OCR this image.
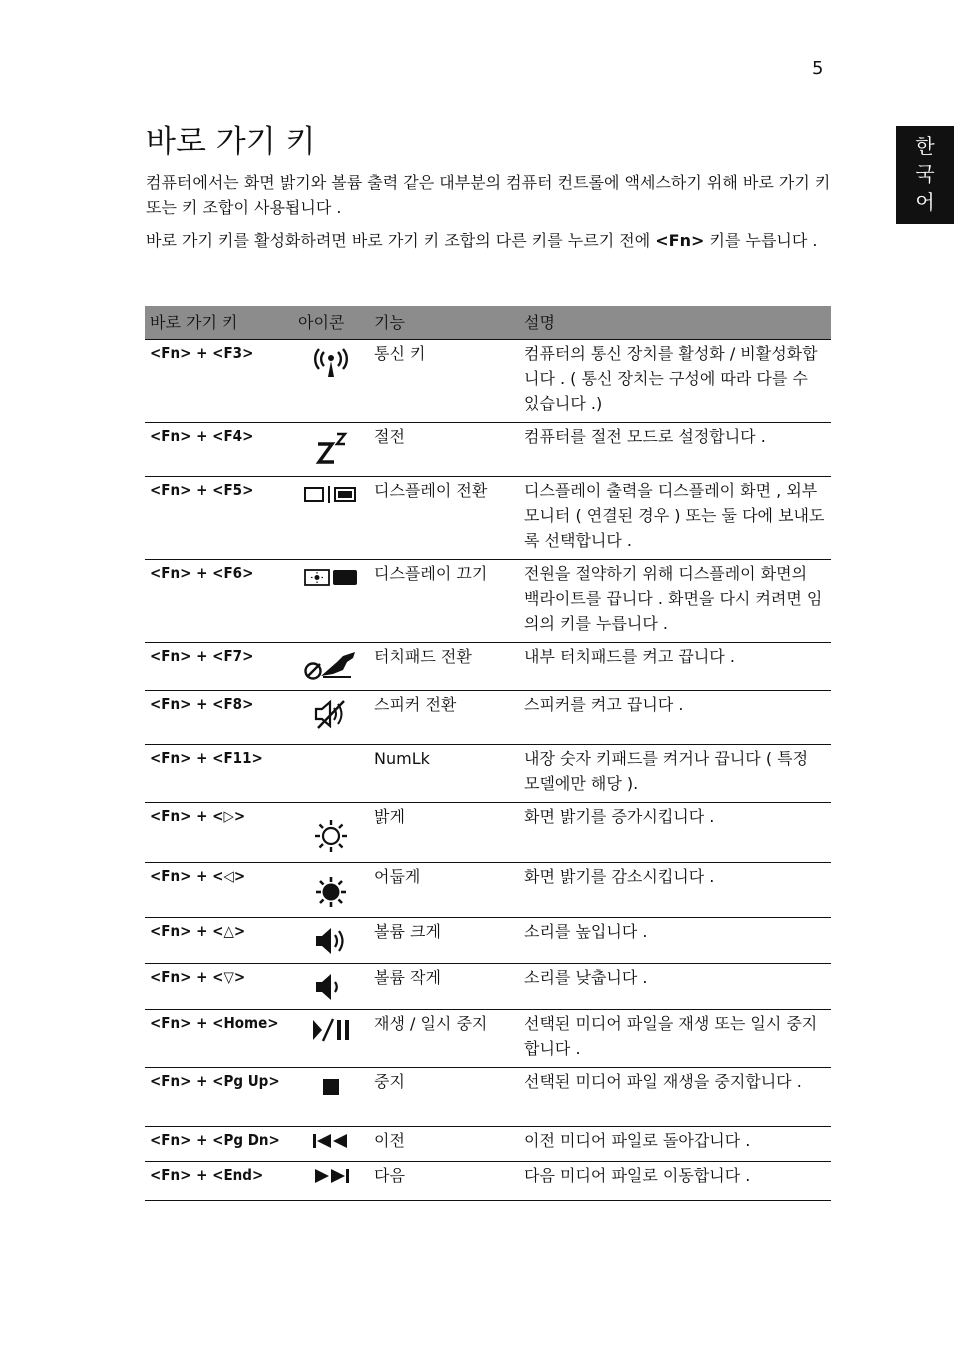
5
한
국
어
바로 가기 키

컴퓨터에서는 화면 밝기와 볼륨 출력 같은 대부분의 컴퓨터 컨트롤에 액세스하기 위해 바로 가기 키 또는 키 조합이 사용됩니다 .

바로 가기 키를 활성화하려면 바로 가기 키 조합의 다른 키를 누르기 전에 <Fn> 키를 누릅니다 .

바로 가기 키	아이콘	기능	설명
<Fn> + <F3>		통신 키	컴퓨터의 통신 장치를 활성화 / 비활성화합니다 . ( 통신 장치는 구성에 따라 다를 수 있습니다 .)
<Fn> + <F4>		절전	컴퓨터를 절전 모드로 설정합니다 .
<Fn> + <F5>		디스플레이 전환	디스플레이 출력을 디스플레이 화면 , 외부 모니터 ( 연결된 경우 ) 또는 둘 다에 보내도록 선택합니다 .
<Fn> + <F6>		디스플레이 끄기	전원을 절약하기 위해 디스플레이 화면의 백라이트를 끕니다 . 화면을 다시 켜려면 임의의 키를 누릅니다 .
<Fn> + <F7>		터치패드 전환	내부 터치패드를 켜고 끕니다 .
<Fn> + <F8>		스피커 전환	스피커를 켜고 끕니다 .
<Fn> + <F11>		NumLk	내장 숫자 키패드를 켜거나 끕니다 ( 특정 모델에만 해당 ).
<Fn> + <▷>		밝게	화면 밝기를 증가시킵니다 .
<Fn> + <◁>		어둡게	화면 밝기를 감소시킵니다 .
<Fn> + <△>		볼륨 크게	소리를 높입니다 .
<Fn> + <▽>		볼륨 작게	소리를 낮춥니다 .
<Fn> + <Home>		재생 / 일시 중지	선택된 미디어 파일을 재생 또는 일시 중지합니다 .
<Fn> + <Pg Up>		중지	선택된 미디어 파일 재생을 중지합니다 .
<Fn> + <Pg Dn>		이전	이전 미디어 파일로 돌아갑니다 .
<Fn> + <End>		다음	다음 미디어 파일로 이동합니다 .
